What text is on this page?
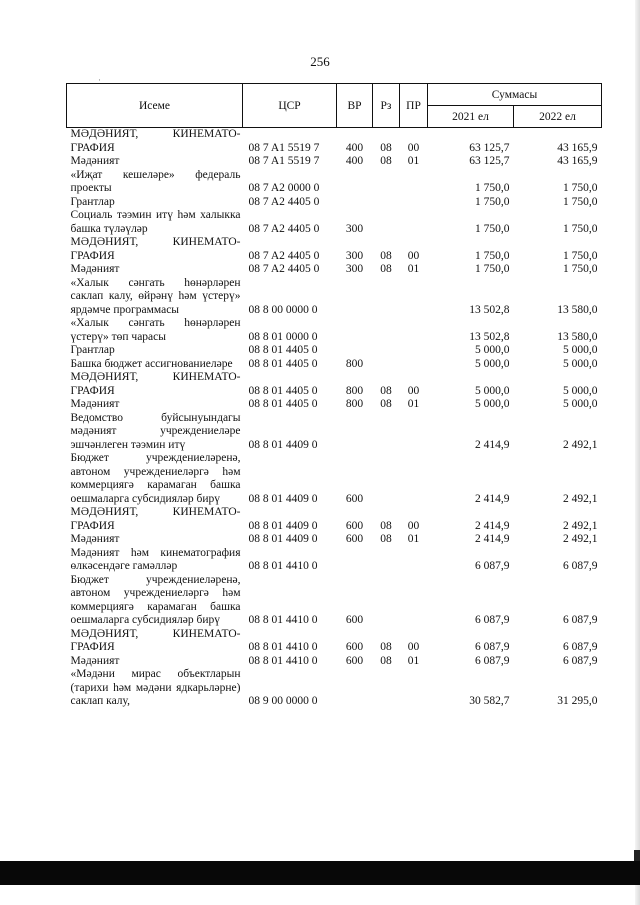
256
·
Исеме	ЦСР	ВР	Рз	ПР	Суммасы	
					2021 ел	2022 ел
МӘДӘНИЯТ, КИНЕМАТО-ГРАФИЯ	08 7 A1 5519 7	400	08	00	63 125,7	43 165,9
Мәдәният	08 7 A1 5519 7	400	08	01	63 125,7	43 165,9
«Иҗат кешеләре» федераль проекты	08 7 A2 0000 0				1 750,0	1 750,0
Грантлар	08 7 A2 4405 0				1 750,0	1 750,0
Социаль тәэмин итү һәм халыкка башка түләүләр	08 7 A2 4405 0	300			1 750,0	1 750,0
МӘДӘНИЯТ, КИНЕМАТО-ГРАФИЯ	08 7 A2 4405 0	300	08	00	1 750,0	1 750,0
Мәдәният	08 7 A2 4405 0	300	08	01	1 750,0	1 750,0
«Халык сәнгать һөнәрләрен саклап калу, өйрәнү һәм үстерү» ярдәмче программасы	08 8 00 0000 0				13 502,8	13 580,0
«Халык сәнгать һөнәрләрен үстерү» төп чарасы	08 8 01 0000 0				13 502,8	13 580,0
Грантлар	08 8 01 4405 0				5 000,0	5 000,0
Башка бюджет ассигнованиеләре	08 8 01 4405 0	800			5 000,0	5 000,0
МӘДӘНИЯТ, КИНЕМАТО-ГРАФИЯ	08 8 01 4405 0	800	08	00	5 000,0	5 000,0
Мәдәният	08 8 01 4405 0	800	08	01	5 000,0	5 000,0
Ведомство буйсынуындагы мәдәният учреждениеләре эшчәнлеген тәэмин итү	08 8 01 4409 0				2 414,9	2 492,1
Бюджет учреждениеләренә, автоном учреждениеләргә һәм коммерциягә карамаган башка оешмаларга субсидияләр бирү	08 8 01 4409 0	600			2 414,9	2 492,1
МӘДӘНИЯТ, КИНЕМАТО-ГРАФИЯ	08 8 01 4409 0	600	08	00	2 414,9	2 492,1
Мәдәният	08 8 01 4409 0	600	08	01	2 414,9	2 492,1
Мәдәният һәм кинематография өлкәсендәге гамәлләр	08 8 01 4410 0				6 087,9	6 087,9
Бюджет учреждениеләренә, автоном учреждениеләргә һәм коммерциягә карамаган башка оешмаларга субсидияләр бирү	08 8 01 4410 0	600			6 087,9	6 087,9
МӘДӘНИЯТ, КИНЕМАТО-ГРАФИЯ	08 8 01 4410 0	600	08	00	6 087,9	6 087,9
Мәдәният	08 8 01 4410 0	600	08	01	6 087,9	6 087,9
«Мәдәни мирас объектларын (тарихи һәм мәдәни ядкарьләрне) саклап калу,	08 9 00 0000 0				30 582,7	31 295,0
